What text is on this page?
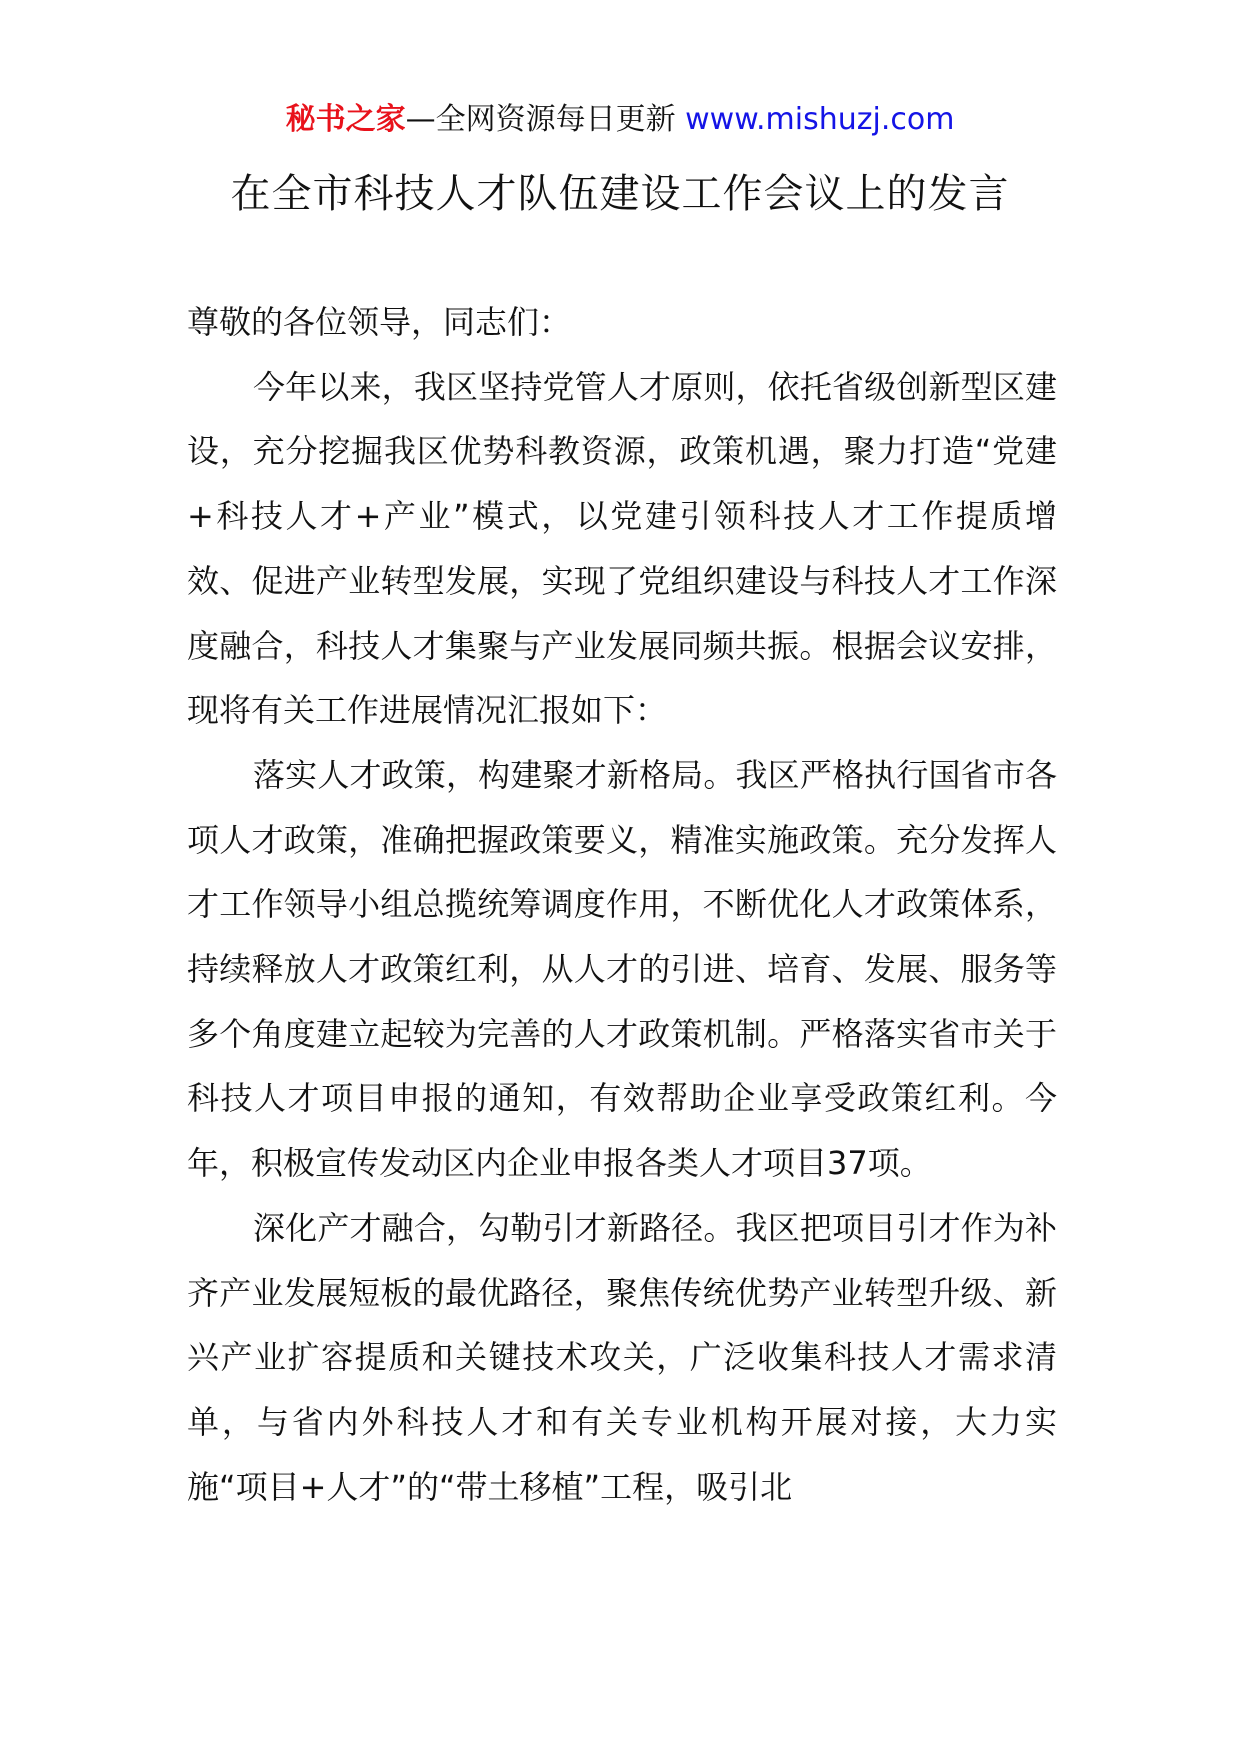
秘书之家—全网资源每日更新 www.mishuzj.com
在全市科技人才队伍建设工作会议上的发言

尊敬的各位领导，同志们：

今年以来，我区坚持党管人才原则，依托省级创新型区建设，充分挖掘我区优势科教资源，政策机遇，聚力打造“党建+科技人才+产业”模式，以党建引领科技人才工作提质增效、促进产业转型发展，实现了党组织建设与科技人才工作深度融合，科技人才集聚与产业发展同频共振。根据会议安排，现将有关工作进展情况汇报如下：

落实人才政策，构建聚才新格局。我区严格执行国省市各项人才政策，准确把握政策要义，精准实施政策。充分发挥人才工作领导小组总揽统筹调度作用，不断优化人才政策体系，持续释放人才政策红利，从人才的引进、培育、发展、服务等多个角度建立起较为完善的人才政策机制。严格落实省市关于科技人才项目申报的通知，有效帮助企业享受政策红利。今年，积极宣传发动区内企业申报各类人才项目37项。

深化产才融合，勾勒引才新路径。我区把项目引才作为补齐产业发展短板的最优路径，聚焦传统优势产业转型升级、新兴产业扩容提质和关键技术攻关，广泛收集科技人才需求清单，与省内外科技人才和有关专业机构开展对接，大力实施“项目+人才”的“带土移植”工程，吸引北
